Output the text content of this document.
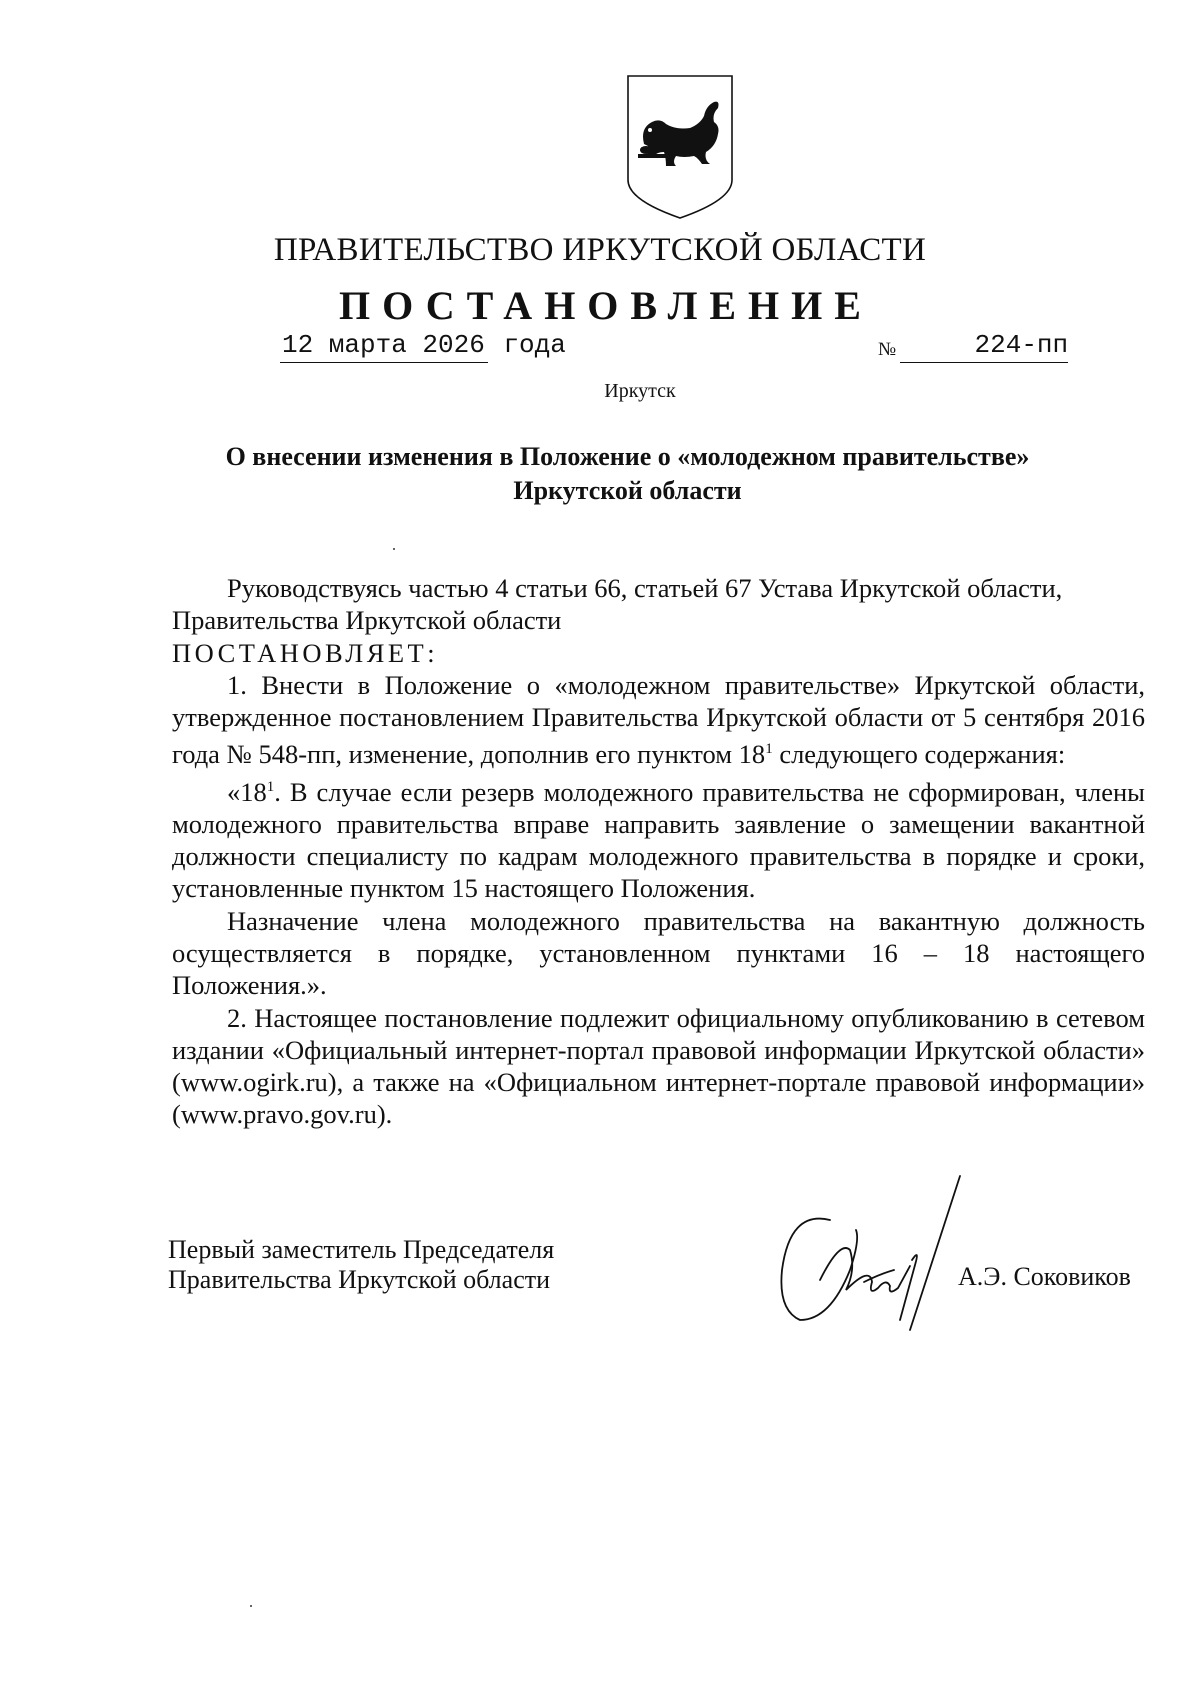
ПРАВИТЕЛЬСТВО ИРКУТСКОЙ ОБЛАСТИ
ПОСТАНОВЛЕНИЕ
12 марта 2026 года	№	224-пп
Иркутск
О внесении изменения в Положение о «молодежном правительстве»
Иркутской области

Руководствуясь частью 4 статьи 66, статьей 67 Устава Иркутской области,

Правительства Иркутской области

ПОСТАНОВЛЯЕТ:

1. Внести в Положение о «молодежном правительстве» Иркутской области, утвержденное постановлением Правительства Иркутской области от 5 сентября 2016 года № 548-пп, изменение, дополнив его пунктом $18^1$ следующего содержания:

«$18^1$. В случае если резерв молодежного правительства не сформирован, члены молодежного правительства вправе направить заявление о замещении вакантной должности специалисту по кадрам молодежного правительства в порядке и сроки, установленные пунктом 15 настоящего Положения.

Назначение члена молодежного правительства на вакантную должность осуществляется в порядке, установленном пунктами 16 – 18 настоящего Положения.».

2. Настоящее постановление подлежит официальному опубликованию в сетевом издании «Официальный интернет-портал правовой информации Иркутской области» (www.ogirk.ru), а также на «Официальном интернет-портале правовой информации» (www.pravo.gov.ru).

Первый заместитель Председателя
Правительства Иркутской области	А.Э. Соковиков
